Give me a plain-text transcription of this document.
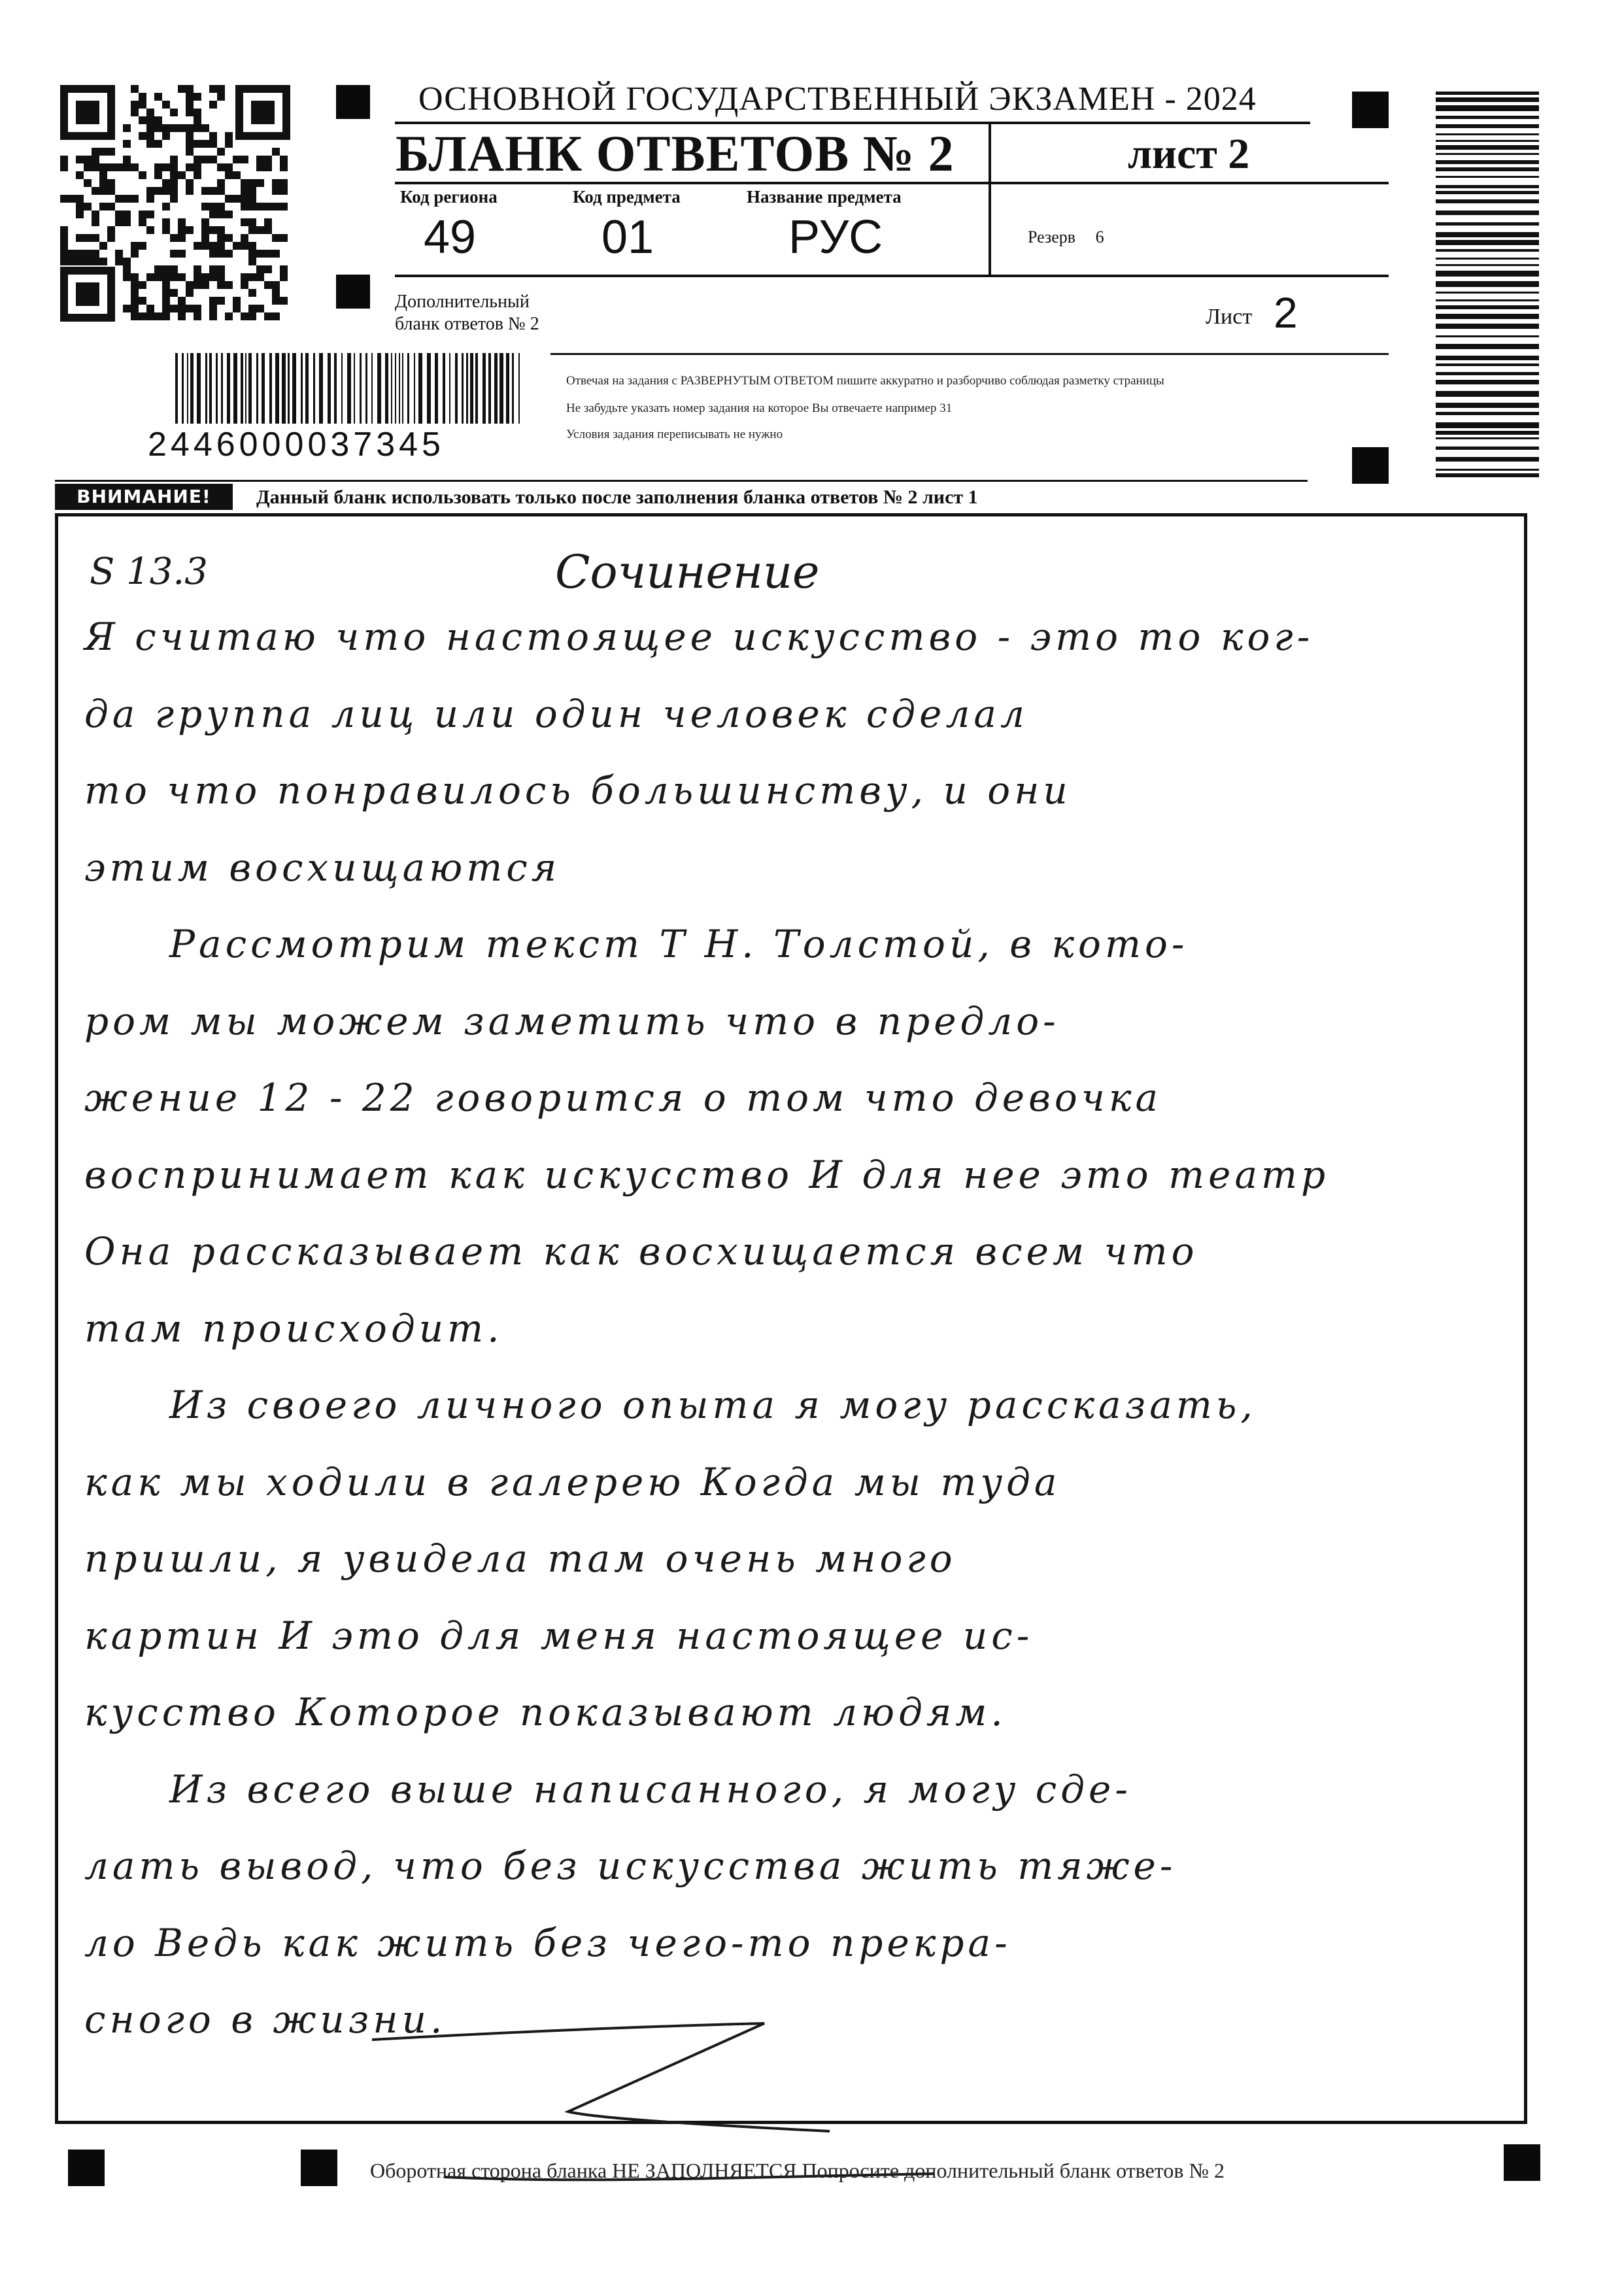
ОСНОВНОЙ ГОСУДАРСТВЕННЫЙ ЭКЗАМЕН - 2024
БЛАНК ОТВЕТОВ № 2	лист 2
Код региона	Код предмета	Название предмета
49	01	РУС	Резерв 6
Дополнительный
бланк ответов № 2	Лист 2
2446000037345
Отвечая на задания с РАЗВЕРНУТЫМ ОТВЕТОМ пишите аккуратно и разборчиво соблюдая разметку страницы
Не забудьте указать номер задания на которое Вы отвечаете например 31
Условия задания переписывать не нужно
ВНИМАНИЕ!	Данный бланк использовать только после заполнения бланка ответов № 2 лист 1
S 13.3	Сочинение
Я считаю что настоящее искусство - это то ког-
да группа лиц или один человек сделал
то что понравилось большинству, и они
этим восхищаются
Рассмотрим текст Т Н. Толстой, в кото-
ром мы можем заметить что в предло-
жение 12 - 22 говорится о том что девочка
воспринимает как искусство И для нее это театр
Она рассказывает как восхищается всем что
там происходит.
Из своего личного опыта я могу рассказать,
как мы ходили в галерею Когда мы туда
пришли, я увидела там очень много
картин И это для меня настоящее ис-
кусство Которое показывают людям.
Из всего выше написанного, я могу сде-
лать вывод, что без искусства жить тяже-
ло Ведь как жить без чего-то прекра-
сного в жизни.
Оборотная сторона бланка НЕ ЗАПОЛНЯЕТСЯ Попросите дополнительный бланк ответов № 2
